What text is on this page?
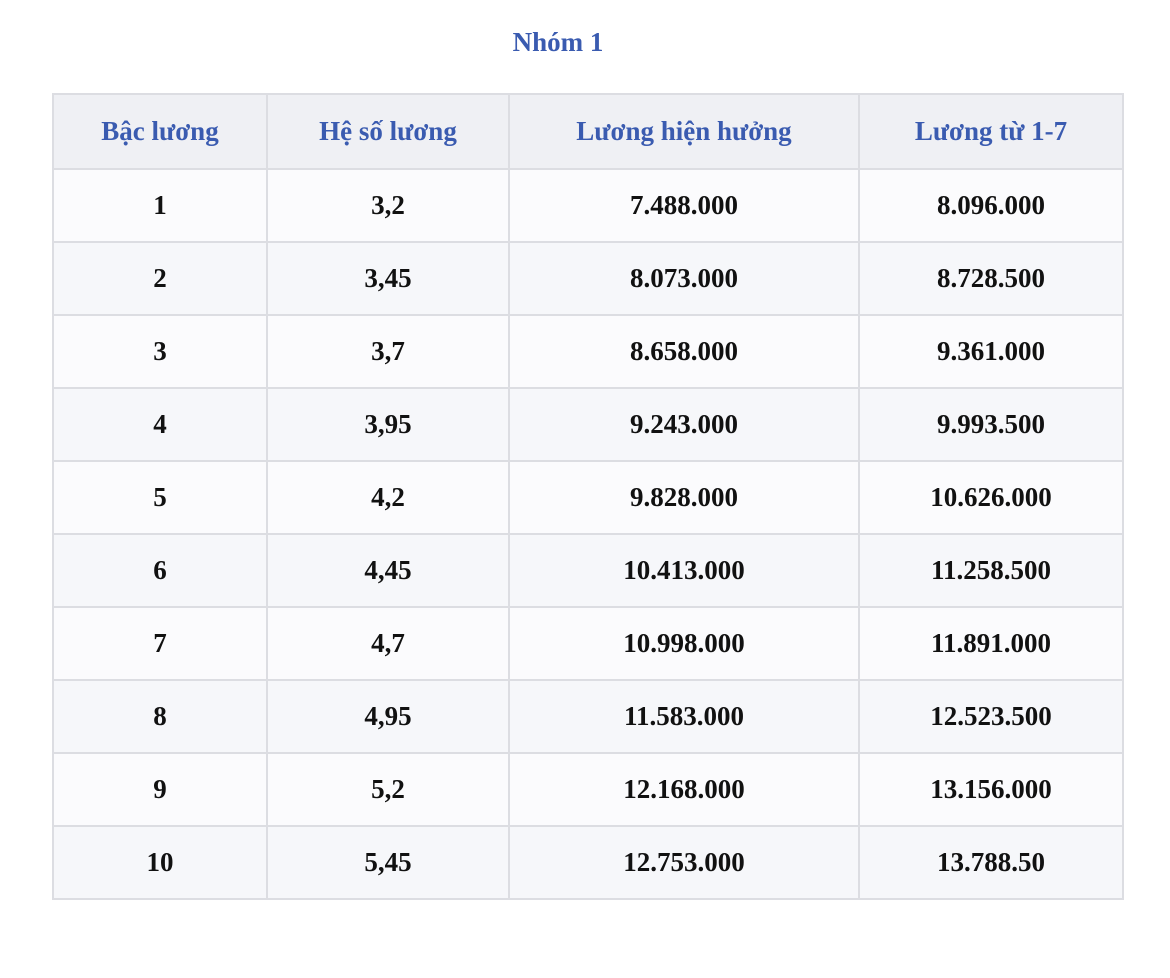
Nhóm 1
Bậc lương	Hệ số lương	Lương hiện hưởng	Lương từ 1-7
1	3,2	7.488.000	8.096.000
2	3,45	8.073.000	8.728.500
3	3,7	8.658.000	9.361.000
4	3,95	9.243.000	9.993.500
5	4,2	9.828.000	10.626.000
6	4,45	10.413.000	11.258.500
7	4,7	10.998.000	11.891.000
8	4,95	11.583.000	12.523.500
9	5,2	12.168.000	13.156.000
10	5,45	12.753.000	13.788.50
